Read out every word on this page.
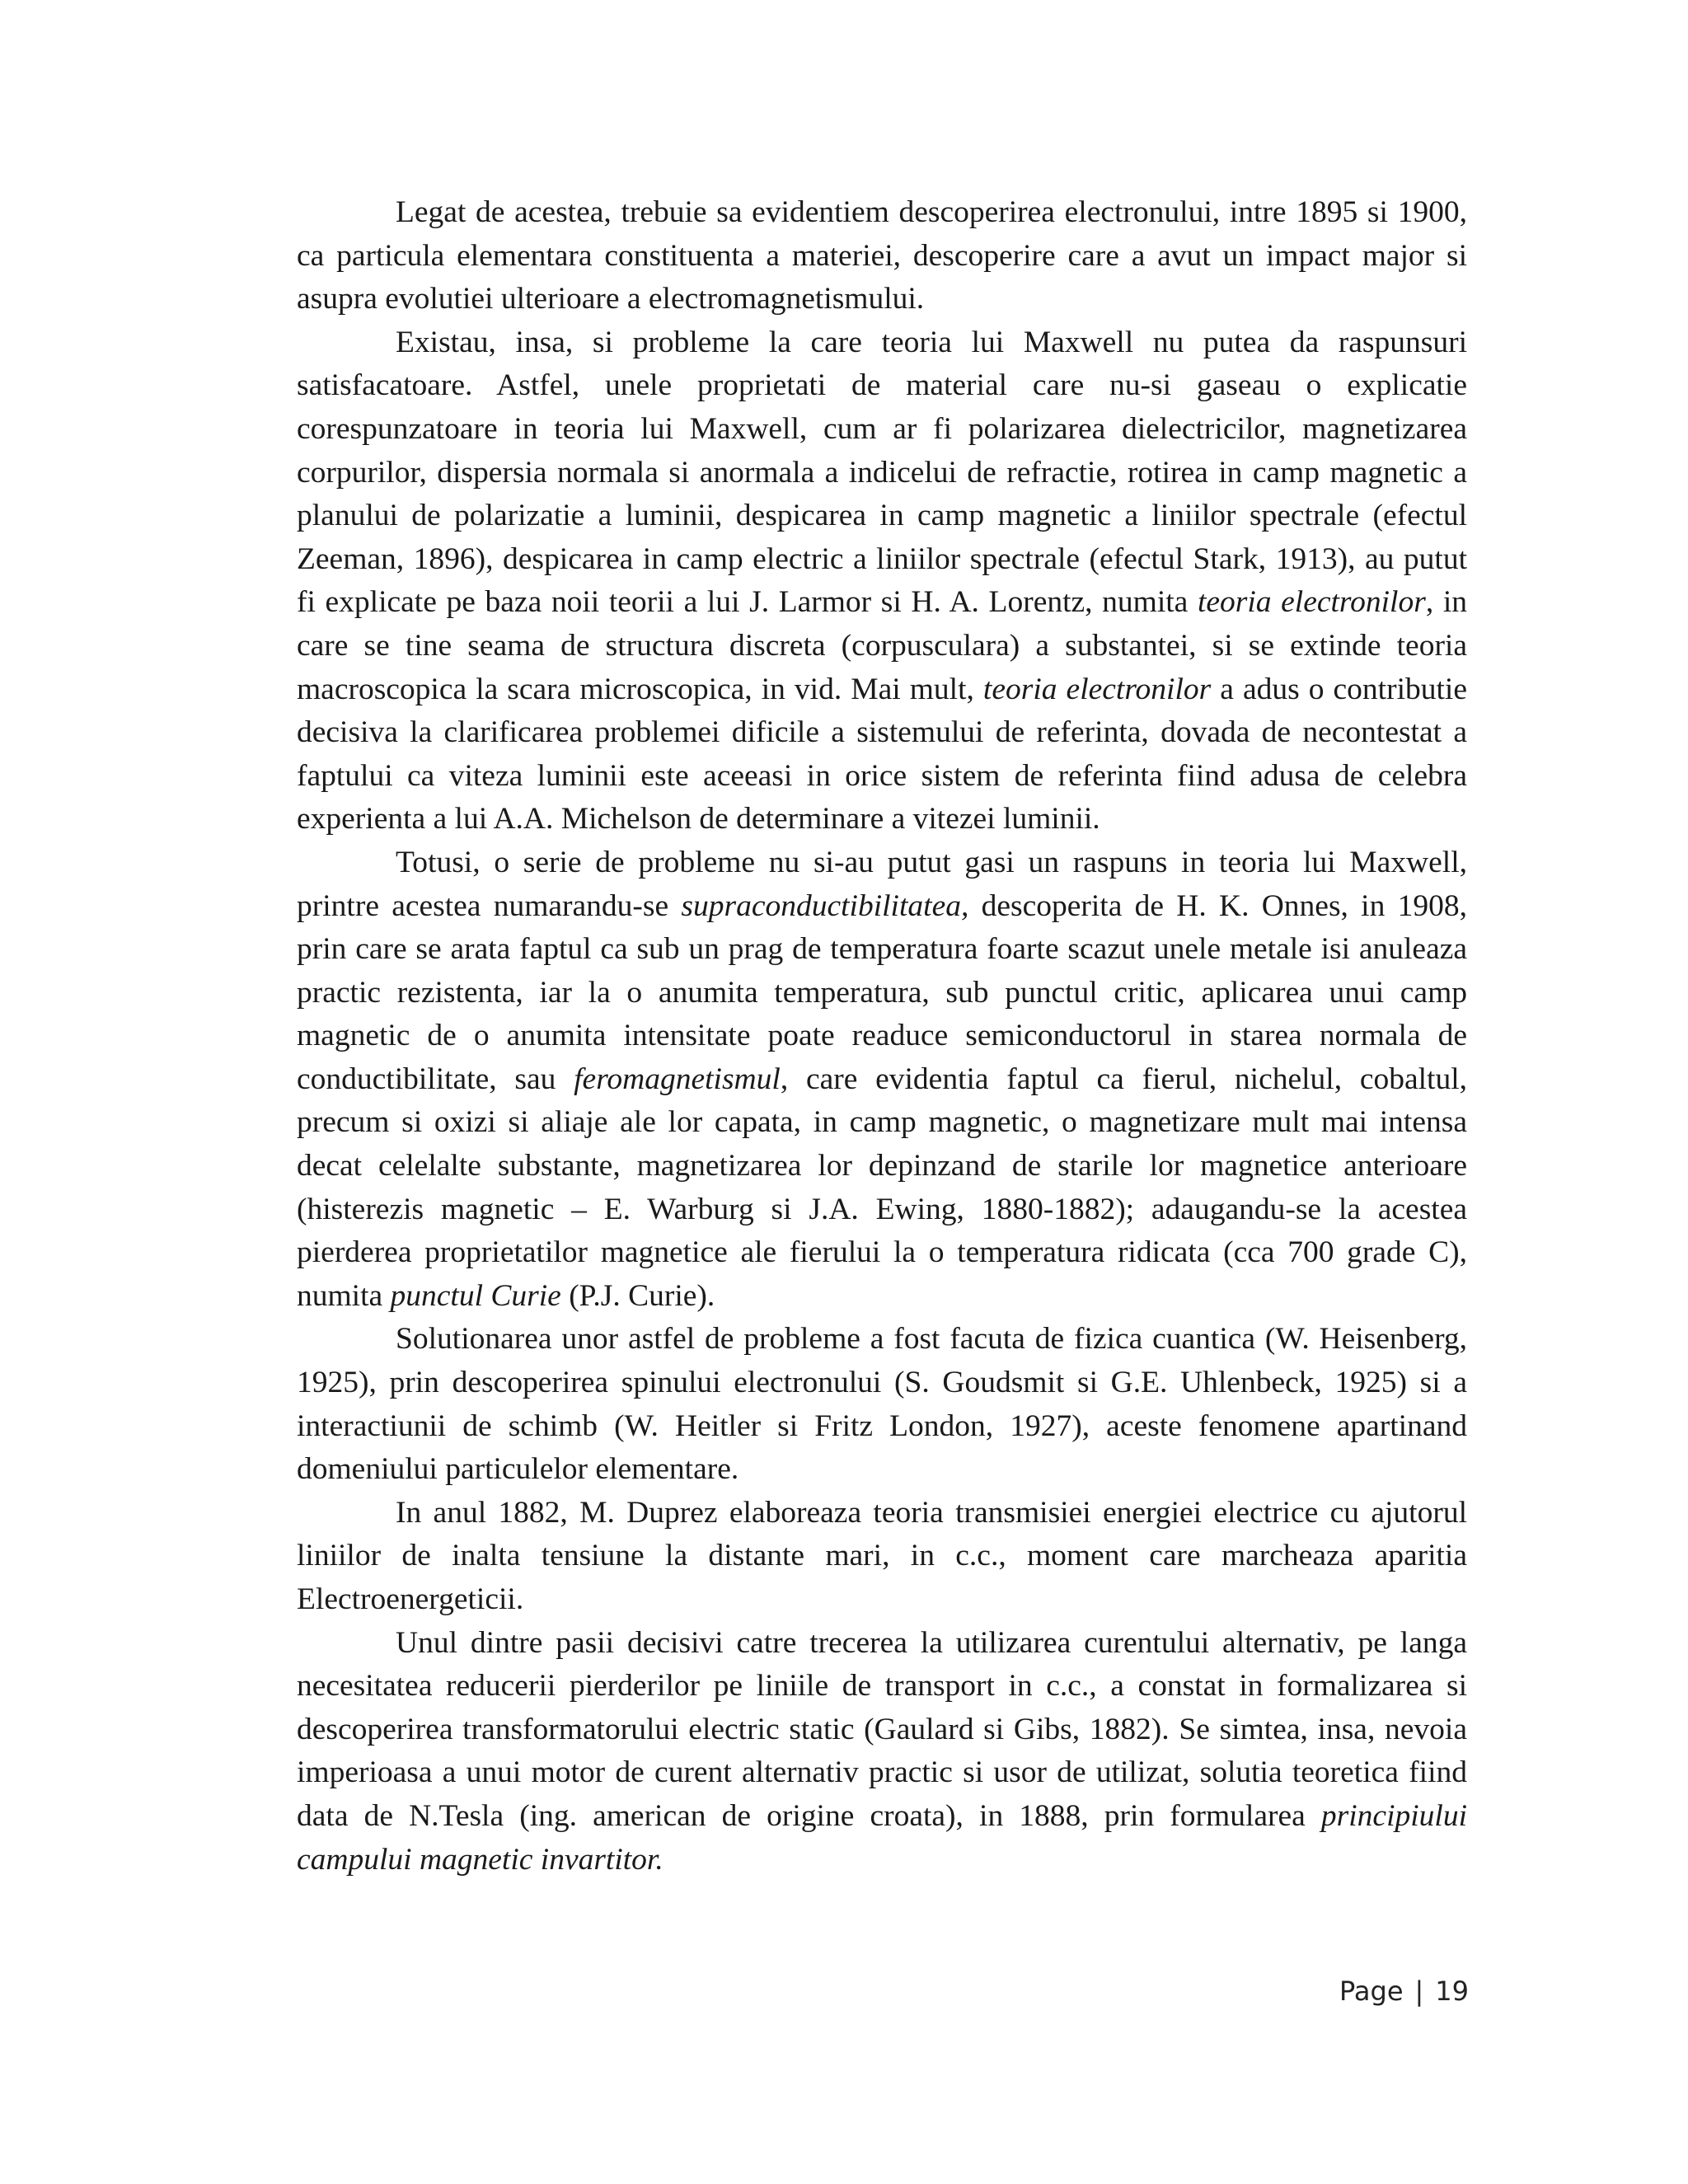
Legat de acestea, trebuie sa evidentiem descoperirea electronului, intre 1895 si 1900, ca particula elementara constituenta a materiei, descoperire care a avut un impact major si asupra evolutiei ulterioare a electromagnetismului.

Existau, insa, si probleme la care teoria lui Maxwell nu putea da raspunsuri satisfacatoare. Astfel, unele proprietati de material care nu-si gaseau o explicatie corespunzatoare in teoria lui Maxwell, cum ar fi polarizarea dielectricilor, magnetizarea corpurilor, dispersia normala si anormala a indicelui de refractie, rotirea in camp magnetic a planului de polarizatie a luminii, despicarea in camp magnetic a liniilor spectrale (efectul Zeeman, 1896), despicarea in camp electric a liniilor spectrale (efectul Stark, 1913), au putut fi explicate pe baza noii teorii a lui J. Larmor si H. A. Lorentz, numita teoria electronilor, in care se tine seama de structura discreta (corpusculara) a substantei, si se extinde teoria macroscopica la scara microscopica, in vid. Mai mult, teoria electronilor a adus o contributie decisiva la clarificarea problemei dificile a sistemului de referinta, dovada de necontestat a faptului ca viteza luminii este aceeasi in orice sistem de referinta fiind adusa de celebra experienta a lui A.A. Michelson de determinare a vitezei luminii.

Totusi, o serie de probleme nu si-au putut gasi un raspuns in teoria lui Maxwell, printre acestea numarandu-se supraconductibilitatea, descoperita de H. K. Onnes, in 1908, prin care se arata faptul ca sub un prag de temperatura foarte scazut unele metale isi anuleaza practic rezistenta, iar la o anumita temperatura, sub punctul critic, aplicarea unui camp magnetic de o anumita intensitate poate readuce semiconductorul in starea normala de conductibilitate, sau feromagnetismul, care evidentia faptul ca fierul, nichelul, cobaltul, precum si oxizi si aliaje ale lor capata, in camp magnetic, o magnetizare mult mai intensa decat celelalte substante, magnetizarea lor depinzand de starile lor magnetice anterioare (histerezis magnetic – E. Warburg si J.A. Ewing, 1880-1882); adaugandu-se la acestea pierderea proprietatilor magnetice ale fierului la o temperatura ridicata (cca 700 grade C), numita punctul Curie (P.J. Curie).

Solutionarea unor astfel de probleme a fost facuta de fizica cuantica (W. Heisenberg, 1925), prin descoperirea spinului electronului (S. Goudsmit si G.E. Uhlenbeck, 1925) si a interactiunii de schimb (W. Heitler si Fritz London, 1927), aceste fenomene apartinand domeniului particulelor elementare.

In anul 1882, M. Duprez elaboreaza teoria transmisiei energiei electrice cu ajutorul liniilor de inalta tensiune la distante mari, in c.c., moment care marcheaza aparitia Electroenergeticii.

Unul dintre pasii decisivi catre trecerea la utilizarea curentului alternativ, pe langa necesitatea reducerii pierderilor pe liniile de transport in c.c., a constat in formalizarea si descoperirea transformatorului electric static (Gaulard si Gibs, 1882). Se simtea, insa, nevoia imperioasa a unui motor de curent alternativ practic si usor de utilizat, solutia teoretica fiind data de N.Tesla (ing. american de origine croata), in 1888, prin formularea principiului campului magnetic invartitor.

Page | 19
